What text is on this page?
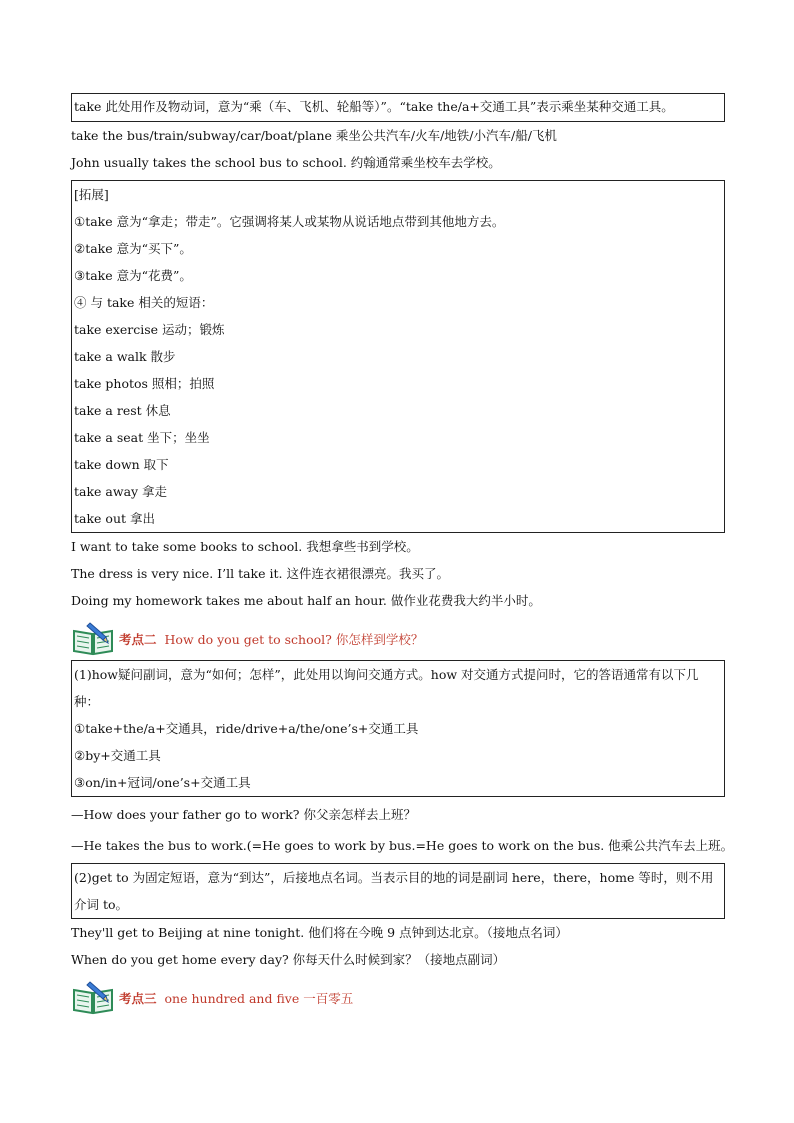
take 此处用作及物动词，意为“乘（车、飞机、轮船等）”。“take the/a+交通工具”表示乘坐某种交通工具。
take the bus/train/subway/car/boat/plane 乘坐公共汽车/火车/地铁/小汽车/船/飞机
John usually takes the school bus to school. 约翰通常乘坐校车去学校。
[拓展]
①take 意为“拿走；带走”。它强调将某人或某物从说话地点带到其他地方去。
②take 意为“买下”。
③take 意为“花费”。
④ 与 take 相关的短语：
take exercise 运动；锻炼
take a walk 散步
take photos 照相；拍照
take a rest 休息
take a seat 坐下；坐坐
take down 取下
take away 拿走
take out 拿出
I want to take some books to school. 我想拿些书到学校。
The dress is very nice. I’ll take it. 这件连衣裙很漂亮。我买了。
Doing my homework takes me about half an hour. 做作业花费我大约半小时。
考点二 How do you get to school? 你怎样到学校？
(1)how疑问副词，意为“如何；怎样”，此处用以询问交通方式。how 对交通方式提问时，它的答语通常有以下几种：
①take+the/a+交通具，ride/drive+a/the/one’s+交通工具
②by+交通工具
③on/in+冠词/one’s+交通工具
—How does your father go to work? 你父亲怎样去上班？
—He takes the bus to work.(=He goes to work by bus.=He goes to work on the bus. 他乘公共汽车去上班。
(2)get to 为固定短语，意为“到达”，后接地点名词。当表示目的地的词是副词 here，there，home 等时，则不用介词 to。
They'll get to Beijing at nine tonight. 他们将在今晚 9 点钟到达北京。（接地点名词）
When do you get home every day? 你每天什么时候到家？（接地点副词）
考点三 one hundred and five 一百零五
